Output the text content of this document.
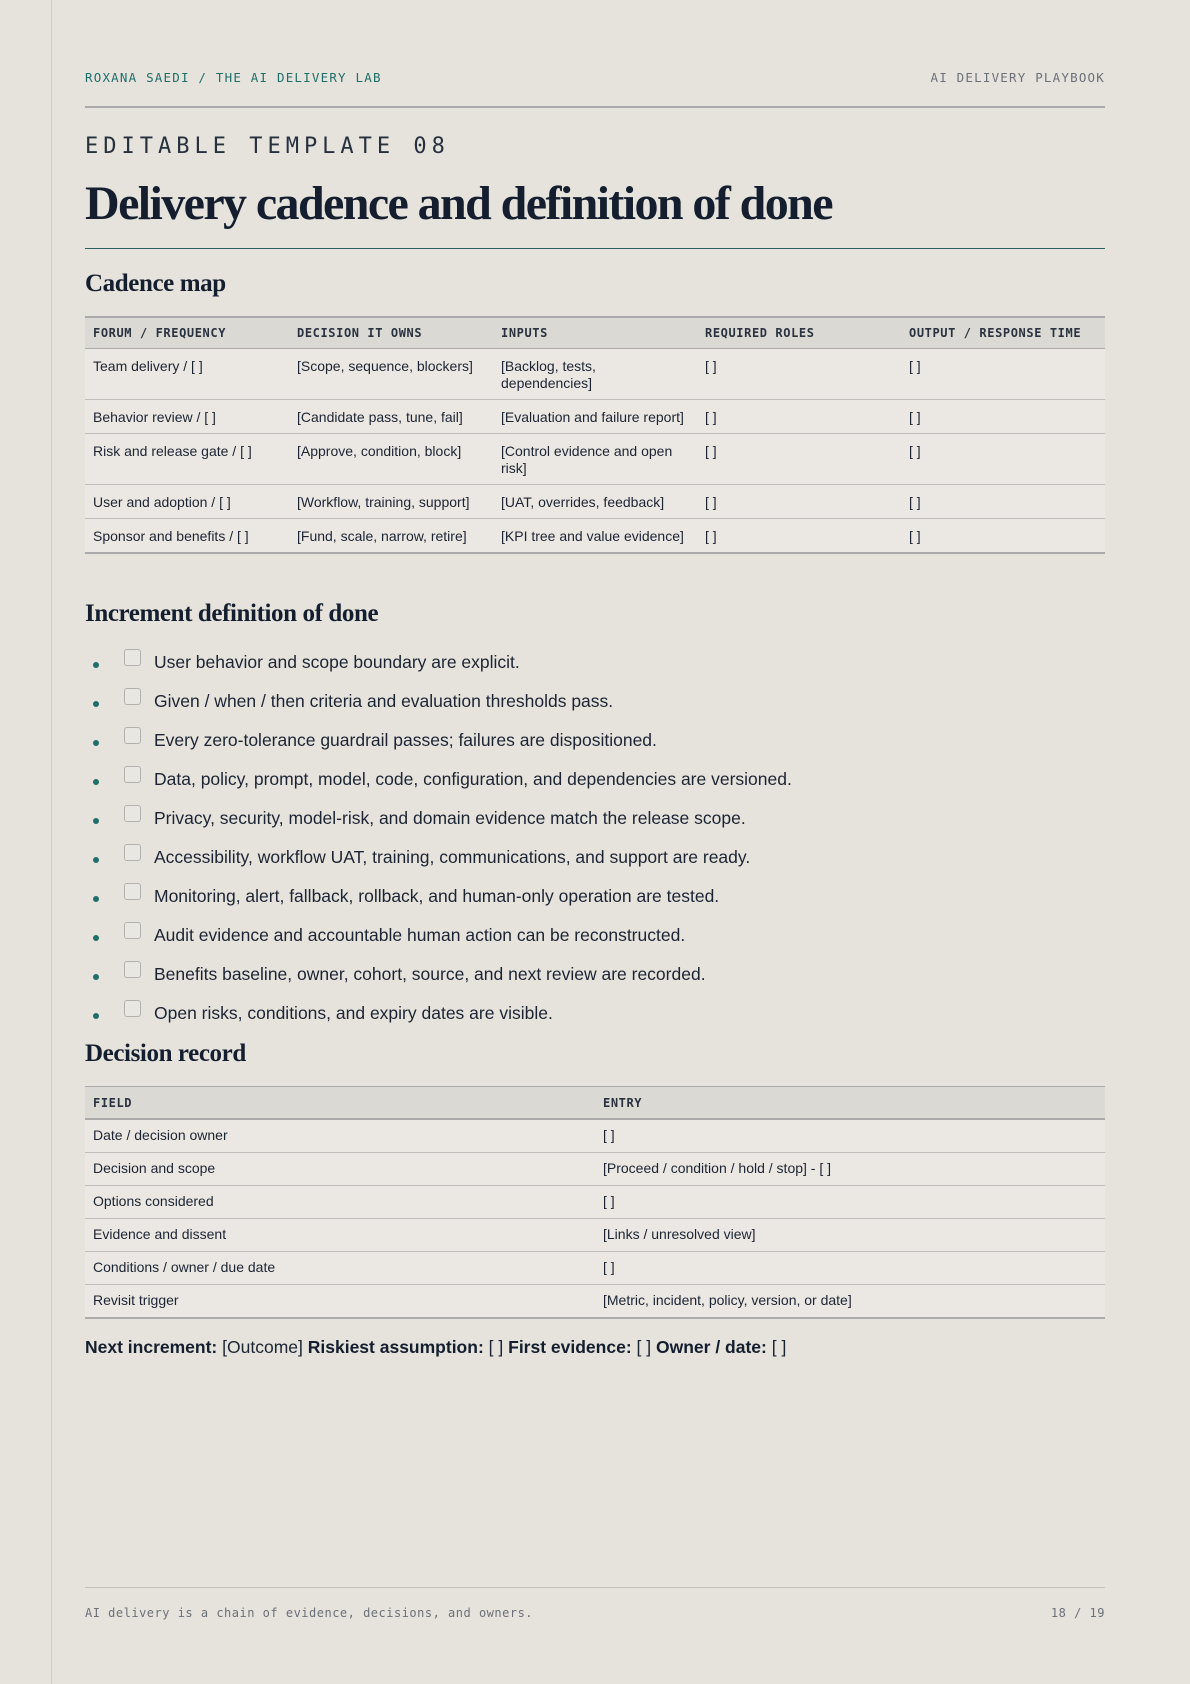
ROXANA SAEDI / THE AI DELIVERY LAB	AI DELIVERY PLAYBOOK
EDITABLE TEMPLATE 08
Delivery cadence and definition of done
Cadence map
FORUM / FREQUENCY	DECISION IT OWNS	INPUTS	REQUIRED ROLES	OUTPUT / RESPONSE TIME
Team delivery / [ ]	[Scope, sequence, blockers]	[Backlog, tests, dependencies]	[ ]	[ ]
Behavior review / [ ]	[Candidate pass, tune, fail]	[Evaluation and failure report]	[ ]	[ ]
Risk and release gate / [ ]	[Approve, condition, block]	[Control evidence and open risk]	[ ]	[ ]
User and adoption / [ ]	[Workflow, training, support]	[UAT, overrides, feedback]	[ ]	[ ]
Sponsor and benefits / [ ]	[Fund, scale, narrow, retire]	[KPI tree and value evidence]	[ ]	[ ]
Increment definition of done
User behavior and scope boundary are explicit.
Given / when / then criteria and evaluation thresholds pass.
Every zero-tolerance guardrail passes; failures are dispositioned.
Data, policy, prompt, model, code, configuration, and dependencies are versioned.
Privacy, security, model-risk, and domain evidence match the release scope.
Accessibility, workflow UAT, training, communications, and support are ready.
Monitoring, alert, fallback, rollback, and human-only operation are tested.
Audit evidence and accountable human action can be reconstructed.
Benefits baseline, owner, cohort, source, and next review are recorded.
Open risks, conditions, and expiry dates are visible.
Decision record
FIELD	ENTRY
Date / decision owner	[ ]
Decision and scope	[Proceed / condition / hold / stop] - [ ]
Options considered	[ ]
Evidence and dissent	[Links / unresolved view]
Conditions / owner / due date	[ ]
Revisit trigger	[Metric, incident, policy, version, or date]
Next increment: [Outcome] Riskiest assumption: [ ] First evidence: [ ] Owner / date: [ ]
AI delivery is a chain of evidence, decisions, and owners.	18 / 19
